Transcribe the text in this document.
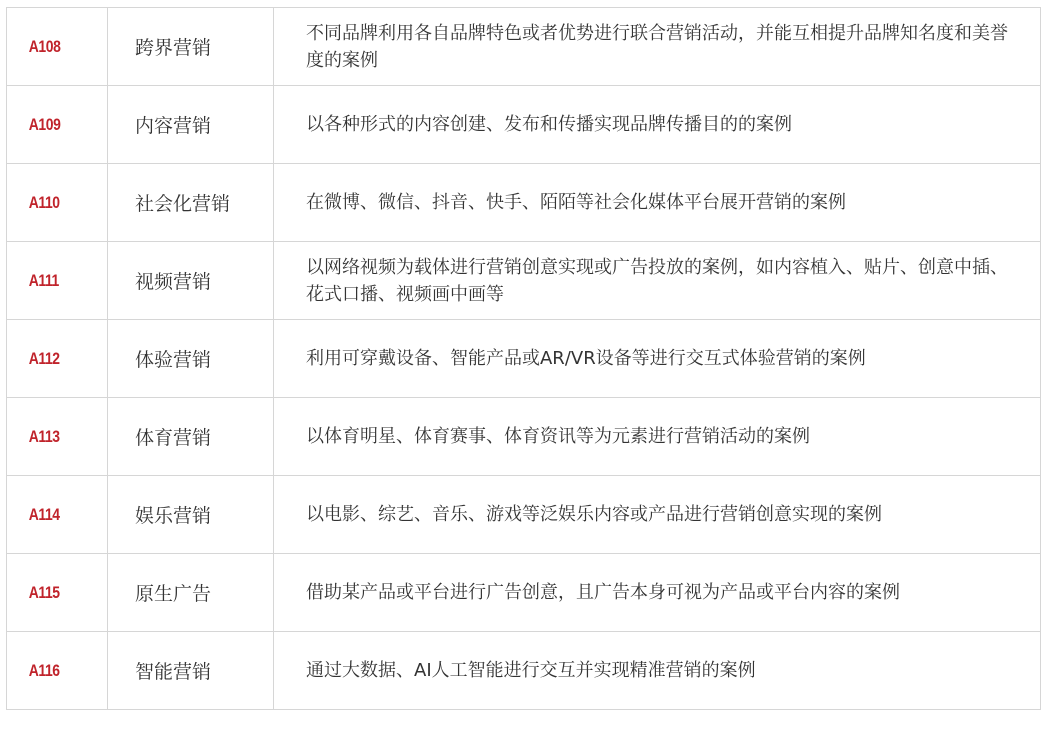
A108	跨界营销	不同品牌利用各自品牌特色或者优势进行联合营销活动，并能互相提升品牌知名度和美誉度的案例
A109	内容营销	以各种形式的内容创建、发布和传播实现品牌传播目的的案例
A110	社会化营销	在微博、微信、抖音、快手、陌陌等社会化媒体平台展开营销的案例
A111	视频营销	以网络视频为载体进行营销创意实现或广告投放的案例，如内容植入、贴片、创意中插、花式口播、视频画中画等
A112	体验营销	利用可穿戴设备、智能产品或AR/VR设备等进行交互式体验营销的案例
A113	体育营销	以体育明星、体育赛事、体育资讯等为元素进行营销活动的案例
A114	娱乐营销	以电影、综艺、音乐、游戏等泛娱乐内容或产品进行营销创意实现的案例
A115	原生广告	借助某产品或平台进行广告创意，且广告本身可视为产品或平台内容的案例
A116	智能营销	通过大数据、AI人工智能进行交互并实现精准营销的案例
